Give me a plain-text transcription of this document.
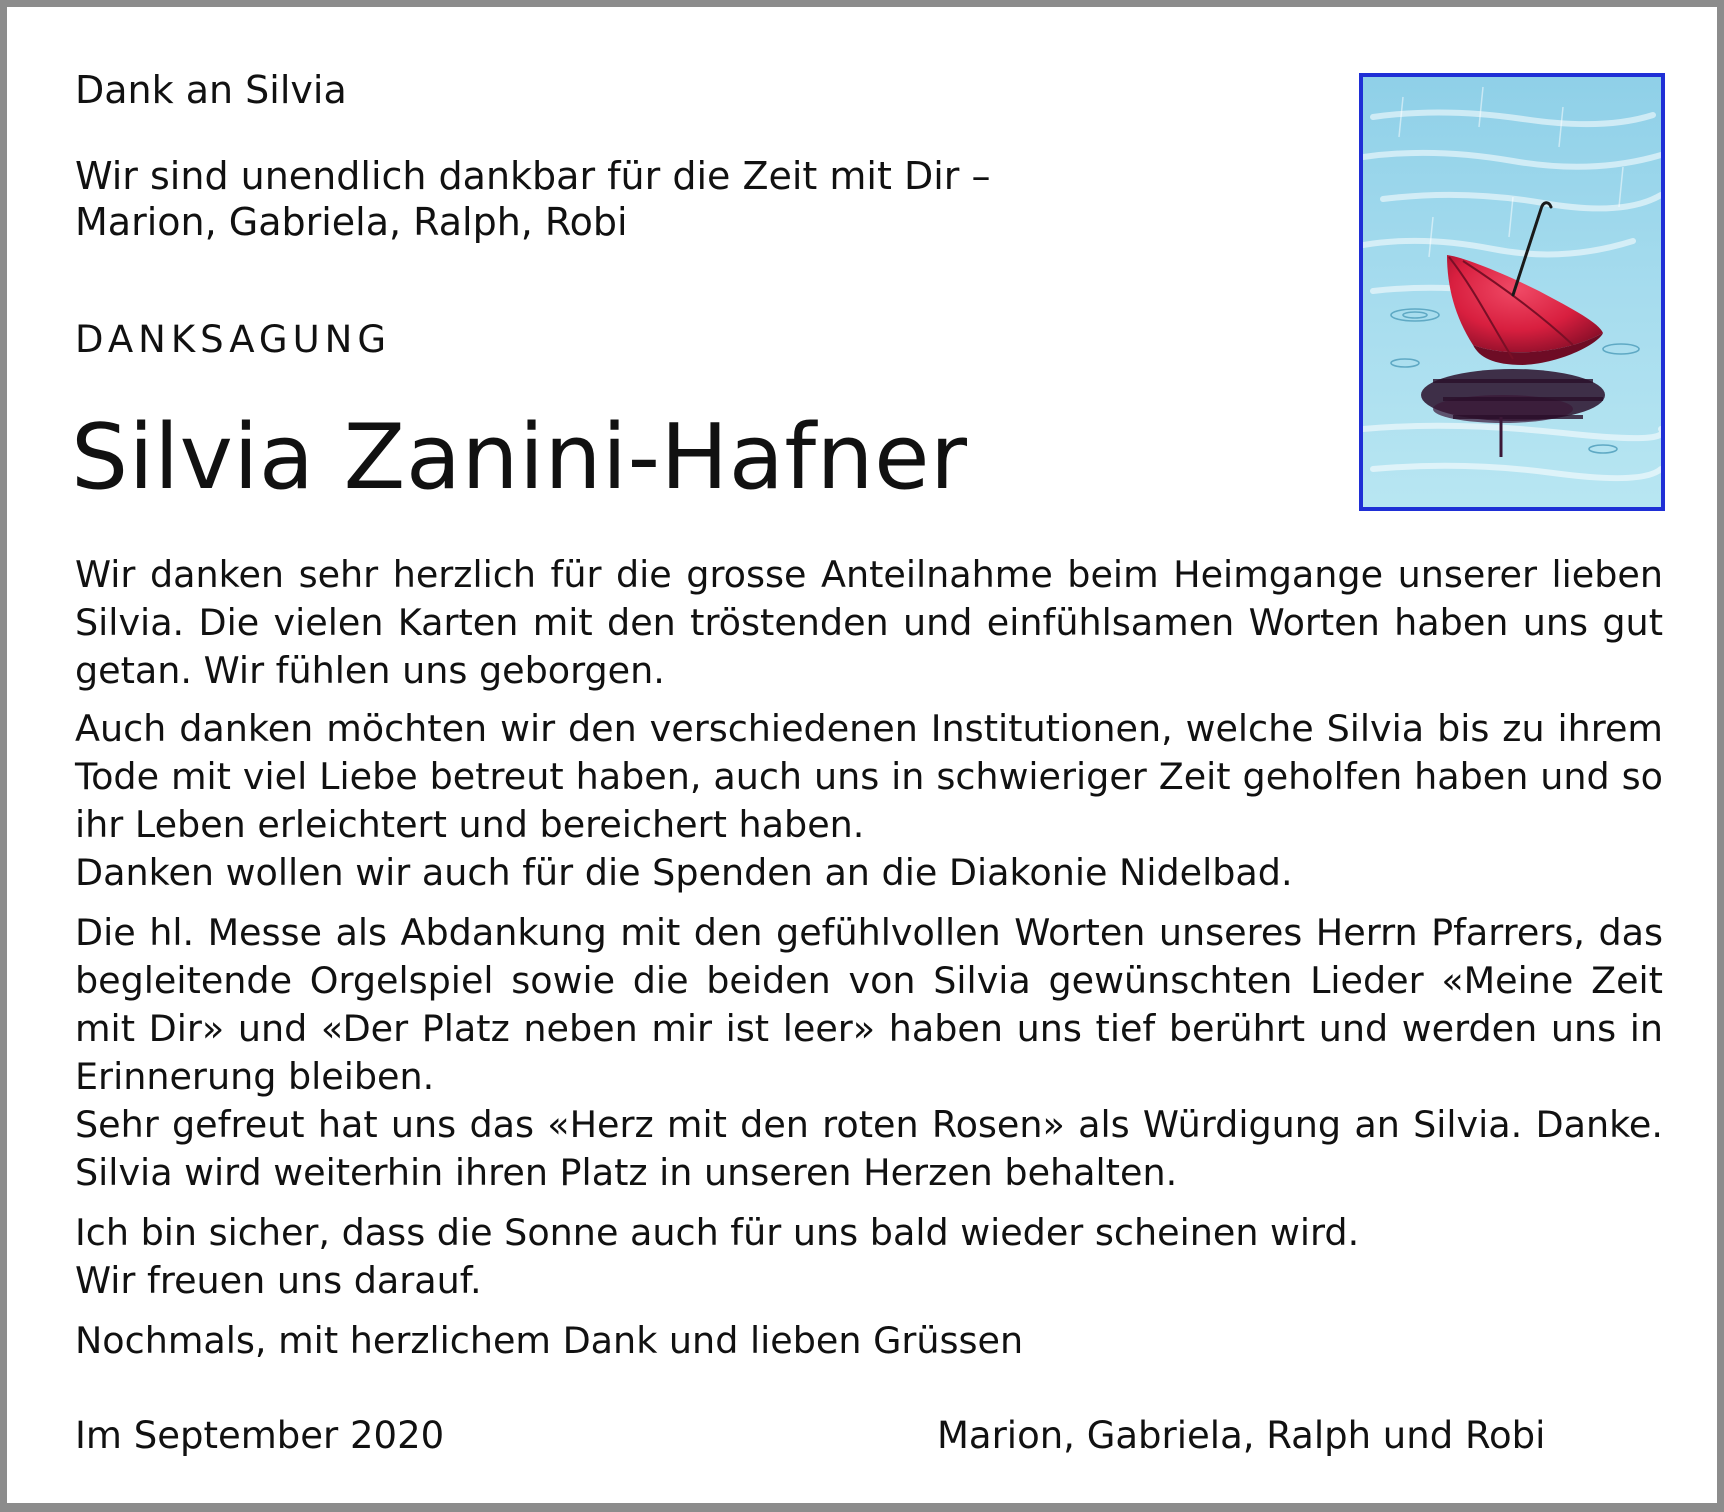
Dank an Silvia

Wir sind unendlich dankbar für die Zeit mit Dir –

Marion, Gabriela, Ralph, Robi

DANKSAGUNG

Silvia Zanini-Hafner

Wir danken sehr herzlich für die grosse Anteilnahme beim Heimgange unserer lieben Silvia. Die vielen Karten mit den tröstenden und einfühlsamen Worten haben uns gut getan. Wir fühlen uns geborgen.

Auch danken möchten wir den verschiedenen Institutionen, welche Silvia bis zu ihrem Tode mit viel Liebe betreut haben, auch uns in schwieriger Zeit geholfen haben und so ihr Leben erleichtert und bereichert haben.

Danken wollen wir auch für die Spenden an die Diakonie Nidelbad.

Die hl. Messe als Abdankung mit den gefühlvollen Worten unseres Herrn Pfarrers, das begleitende Orgelspiel sowie die beiden von Silvia gewünschten Lieder «Meine Zeit mit Dir» und «Der Platz neben mir ist leer» haben uns tief berührt und werden uns in Erinnerung bleiben.

Sehr gefreut hat uns das «Herz mit den roten Rosen» als Würdigung an Silvia. Danke. Silvia wird weiterhin ihren Platz in unseren Herzen behalten.

Ich bin sicher, dass die Sonne auch für uns bald wieder scheinen wird.

Wir freuen uns darauf.

Nochmals, mit herzlichem Dank und lieben Grüssen

Im September 2020	Marion, Gabriela, Ralph und Robi
